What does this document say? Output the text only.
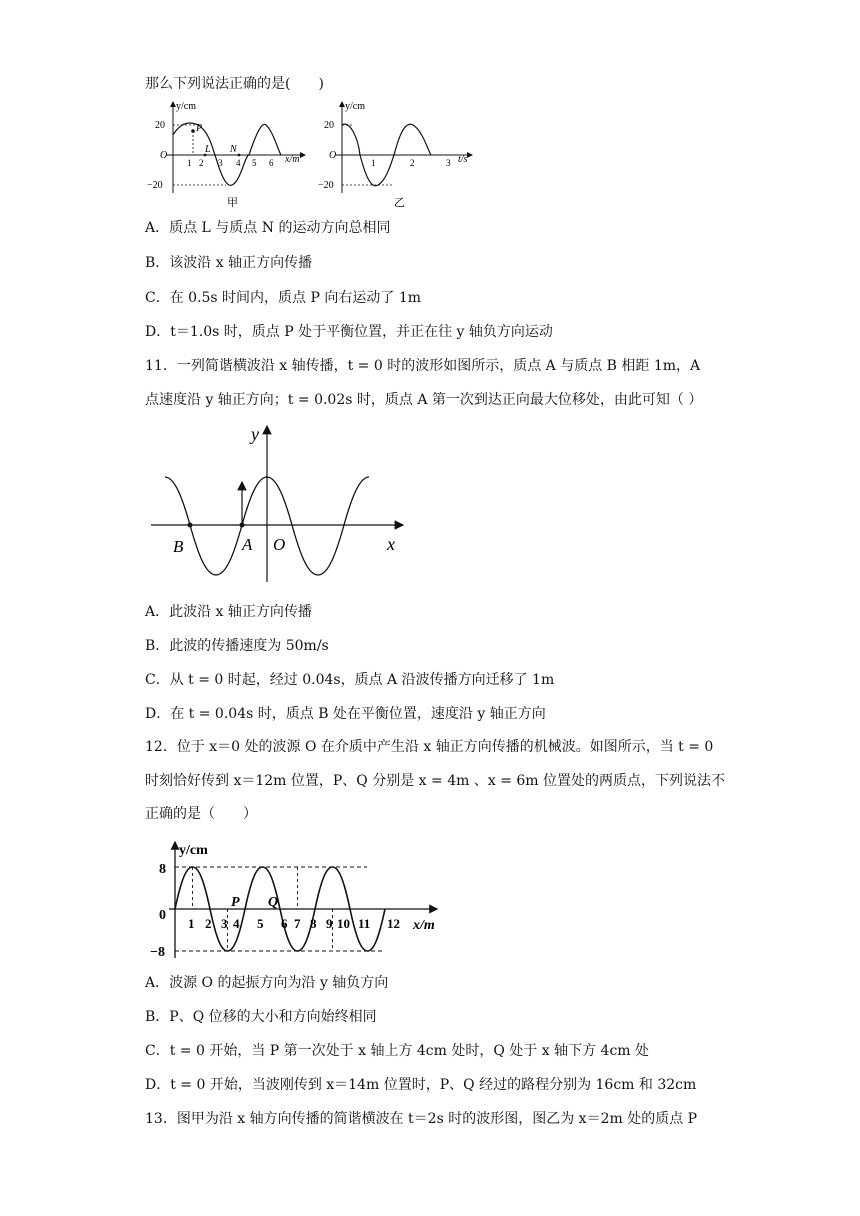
那么下列说法正确的是(　　)
y/cm
x/m
20
−20
O
1 2 3 4 5 6
P
L N
甲
y/cm
t/s
20
−20
O
1	2	3
乙
A．质点 L 与质点 N 的运动方向总相同
B．该波沿 x 轴正方向传播
C．在 0.5s 时间内，质点 P 向右运动了 1m
D．t＝1.0s 时，质点 P 处于平衡位置，并正在往 y 轴负方向运动
11．一列简谐横波沿 x 轴传播，t = 0 时的波形如图所示，质点 A 与质点 B 相距 1m，A
点速度沿 y 轴正方向；t = 0.02s 时，质点 A 第一次到达正向最大位移处，由此可知（ ）
y
x
B	A O
A．此波沿 x 轴正方向传播
B．此波的传播速度为 50m/s
C．从 t = 0 时起，经过 0.04s，质点 A 沿波传播方向迁移了 1m
D．在 t = 0.04s 时，质点 B 处在平衡位置，速度沿 y 轴正方向
12．位于 x＝0 处的波源 O 在介质中产生沿 x 轴正方向传播的机械波。如图所示，当 t = 0
时刻恰好传到 x＝12m 位置，P、Q 分别是 x = 4m 、x = 6m 位置处的两质点，下列说法不
正确的是（　　）
y/cm
x/m
8
0
−8
1 2 3 4 5 6 7 8 9 10 11 12
P Q
A．波源 O 的起振方向为沿 y 轴负方向
B．P、Q 位移的大小和方向始终相同
C．t = 0 开始，当 P 第一次处于 x 轴上方 4cm 处时，Q 处于 x 轴下方 4cm 处
D．t = 0 开始，当波刚传到 x＝14m 位置时，P、Q 经过的路程分别为 16cm 和 32cm
13．图甲为沿 x 轴方向传播的简谐横波在 t＝2s 时的波形图，图乙为 x＝2m 处的质点 P
